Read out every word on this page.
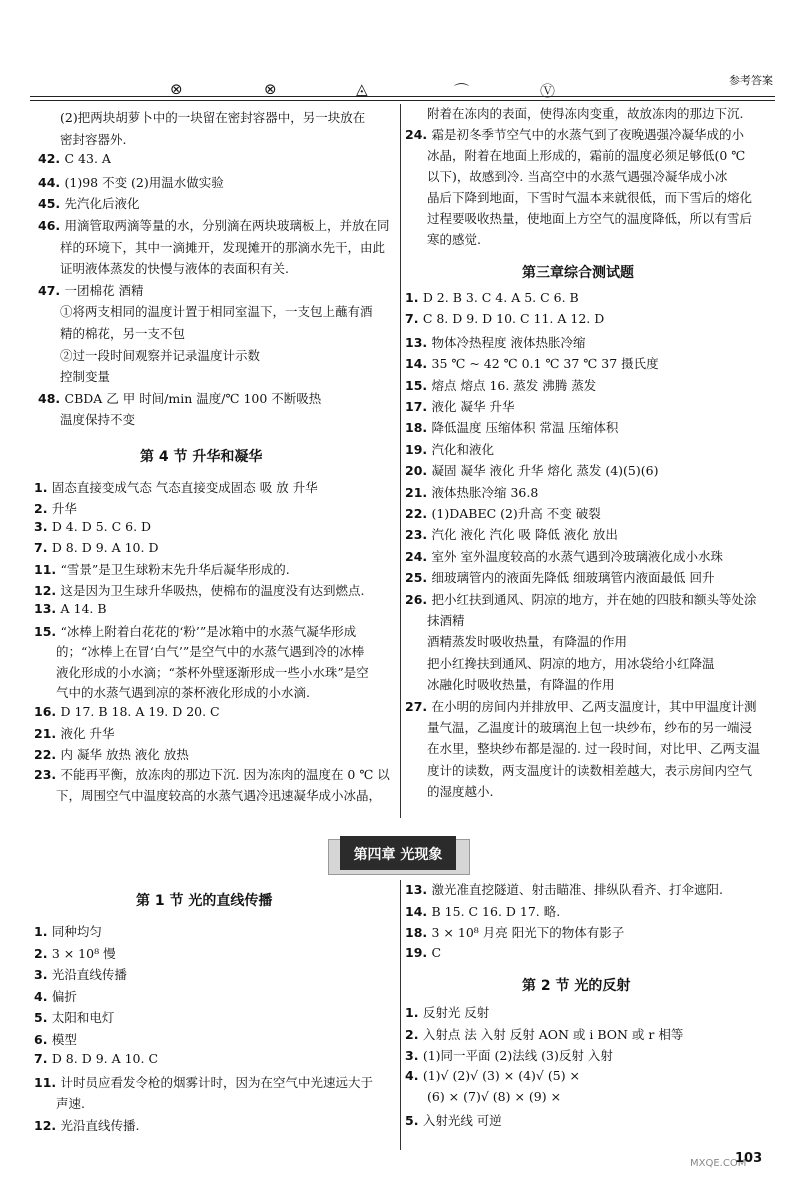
⊗	⊗	◬	⌒	Ⓥ
参考答案
(2)把两块胡萝卜中的一块留在密封容器中，另一块放在
密封容器外.
42. C 43. A
44. (1)98 不变 (2)用温水做实验
45. 先汽化后液化
46. 用滴管取两滴等量的水，分别滴在两块玻璃板上，并放在同
样的环境下，其中一滴摊开，发现摊开的那滴水先干，由此
证明液体蒸发的快慢与液体的表面积有关.
47. 一团棉花 酒精
①将两支相同的温度计置于相同室温下，一支包上蘸有酒
精的棉花，另一支不包
②过一段时间观察并记录温度计示数
控制变量
48. CBDA 乙 甲 时间/min 温度/℃ 100 不断吸热
温度保持不变
第 4 节 升华和凝华
1. 固态直接变成气态 气态直接变成固态 吸 放 升华
2. 升华
3. D 4. D 5. C 6. D
7. D 8. D 9. A 10. D
11. “雪景”是卫生球粉末先升华后凝华形成的.
12. 这是因为卫生球升华吸热，使棉布的温度没有达到燃点.
13. A 14. B
15. “冰棒上附着白花花的‘粉’”是冰箱中的水蒸气凝华形成
的；“冰棒上在冒‘白气’”是空气中的水蒸气遇到冷的冰棒
液化形成的小水滴；“茶杯外壁逐渐形成一些小水珠”是空
气中的水蒸气遇到凉的茶杯液化形成的小水滴.
16. D 17. B 18. A 19. D 20. C
21. 液化 升华
22. 内 凝华 放热 液化 放热
23. 不能再平衡，放冻肉的那边下沉. 因为冻肉的温度在 0 ℃ 以
下，周围空气中温度较高的水蒸气遇冷迅速凝华成小冰晶，
附着在冻肉的表面，使得冻肉变重，故放冻肉的那边下沉.
24. 霜是初冬季节空气中的水蒸气到了夜晚遇强冷凝华成的小
冰晶，附着在地面上形成的，霜前的温度必须足够低(0 ℃
以下)，故感到冷. 当高空中的水蒸气遇强冷凝华成小冰
晶后下降到地面，下雪时气温本来就很低，而下雪后的熔化
过程要吸收热量，使地面上方空气的温度降低，所以有雪后
寒的感觉.
第三章综合测试题
1. D 2. B 3. C 4. A 5. C 6. B
7. C 8. D 9. D 10. C 11. A 12. D
13. 物体冷热程度 液体热胀冷缩
14. 35 ℃ ~ 42 ℃ 0.1 ℃ 37 ℃ 37 摄氏度
15. 熔点 熔点 16. 蒸发 沸腾 蒸发
17. 液化 凝华 升华
18. 降低温度 压缩体积 常温 压缩体积
19. 汽化和液化
20. 凝固 凝华 液化 升华 熔化 蒸发 (4)(5)(6)
21. 液体热胀冷缩 36.8
22. (1)DABEC (2)升高 不变 破裂
23. 汽化 液化 汽化 吸 降低 液化 放出
24. 室外 室外温度较高的水蒸气遇到冷玻璃液化成小水珠
25. 细玻璃管内的液面先降低 细玻璃管内液面最低 回升
26. 把小红扶到通风、阴凉的地方，并在她的四肢和额头等处涂
抹酒精
酒精蒸发时吸收热量，有降温的作用
把小红搀扶到通风、阴凉的地方，用冰袋给小红降温
冰融化时吸收热量，有降温的作用
27. 在小明的房间内并排放甲、乙两支温度计，其中甲温度计测
量气温，乙温度计的玻璃泡上包一块纱布，纱布的另一端浸
在水里，整块纱布都是湿的. 过一段时间，对比甲、乙两支温
度计的读数，两支温度计的读数相差越大，表示房间内空气
的湿度越小.
第四章 光现象
第 1 节 光的直线传播
1. 同种均匀
2. 3 × 10⁸ 慢
3. 光沿直线传播
4. 偏折
5. 太阳和电灯
6. 模型
7. D 8. D 9. A 10. C
11. 计时员应看发令枪的烟雾计时，因为在空气中光速远大于
声速.
12. 光沿直线传播.
13. 激光准直挖隧道、射击瞄准、排纵队看齐、打伞遮阳.
14. B 15. C 16. D 17. 略.
18. 3 × 10⁸ 月亮 阳光下的物体有影子
19. C
第 2 节 光的反射
1. 反射光 反射
2. 入射点 法 入射 反射 AON 或 i BON 或 r 相等
3. (1)同一平面 (2)法线 (3)反射 入射
4. (1)√ (2)√ (3) × (4)√ (5) ×
(6) × (7)√ (8) × (9) ×
5. 入射光线 可逆
MXQE.COM
103
